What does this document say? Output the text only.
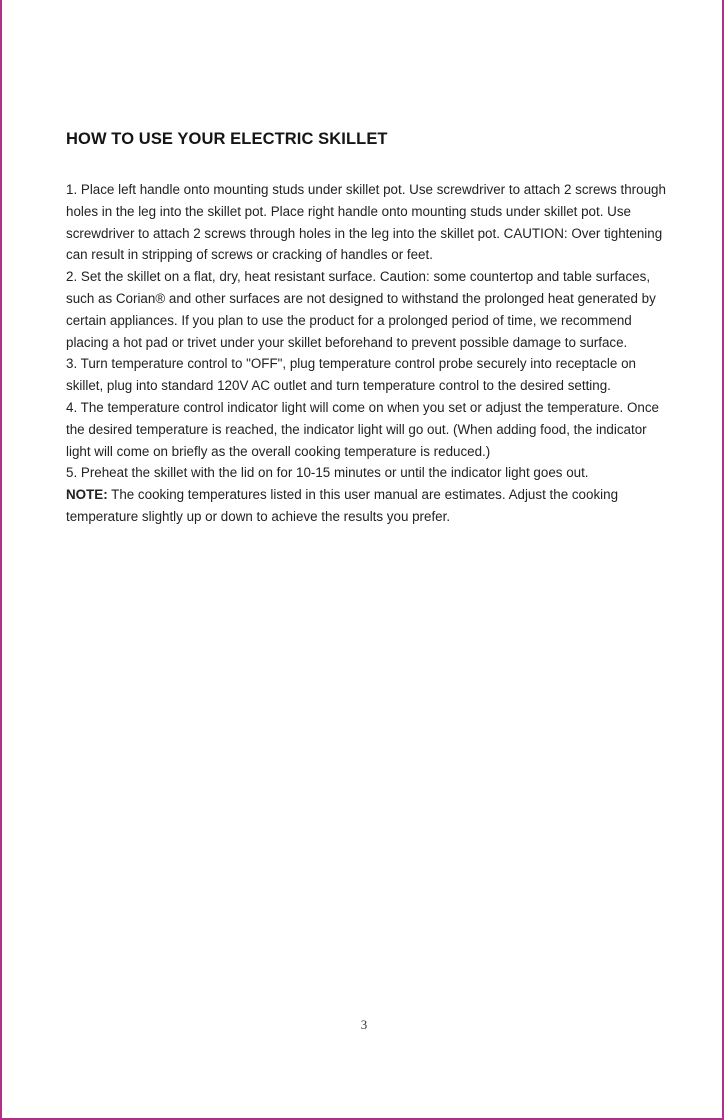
HOW TO USE YOUR ELECTRIC SKILLET

1. Place left handle onto mounting studs under skillet pot. Use screwdriver to attach 2 screws through holes in the leg into the skillet pot. Place right handle onto mounting studs under skillet pot. Use screwdriver to attach 2 screws through holes in the leg into the skillet pot. CAUTION: Over tightening can result in stripping of screws or cracking of handles or feet.

2. Set the skillet on a flat, dry, heat resistant surface. Caution: some countertop and table surfaces, such as Corian® and other surfaces are not designed to withstand the prolonged heat generated by certain appliances. If you plan to use the product for a prolonged period of time, we recommend placing a hot pad or trivet under your skillet beforehand to prevent possible damage to surface.

3. Turn temperature control to "OFF", plug temperature control probe securely into receptacle on skillet, plug into standard 120V AC outlet and turn temperature control to the desired setting.

4. The temperature control indicator light will come on when you set or adjust the temperature. Once the desired temperature is reached, the indicator light will go out. (When adding food, the indicator light will come on briefly as the overall cooking temperature is reduced.)

5. Preheat the skillet with the lid on for 10-15 minutes or until the indicator light goes out.

NOTE: The cooking temperatures listed in this user manual are estimates. Adjust the cooking temperature slightly up or down to achieve the results you prefer.

3
